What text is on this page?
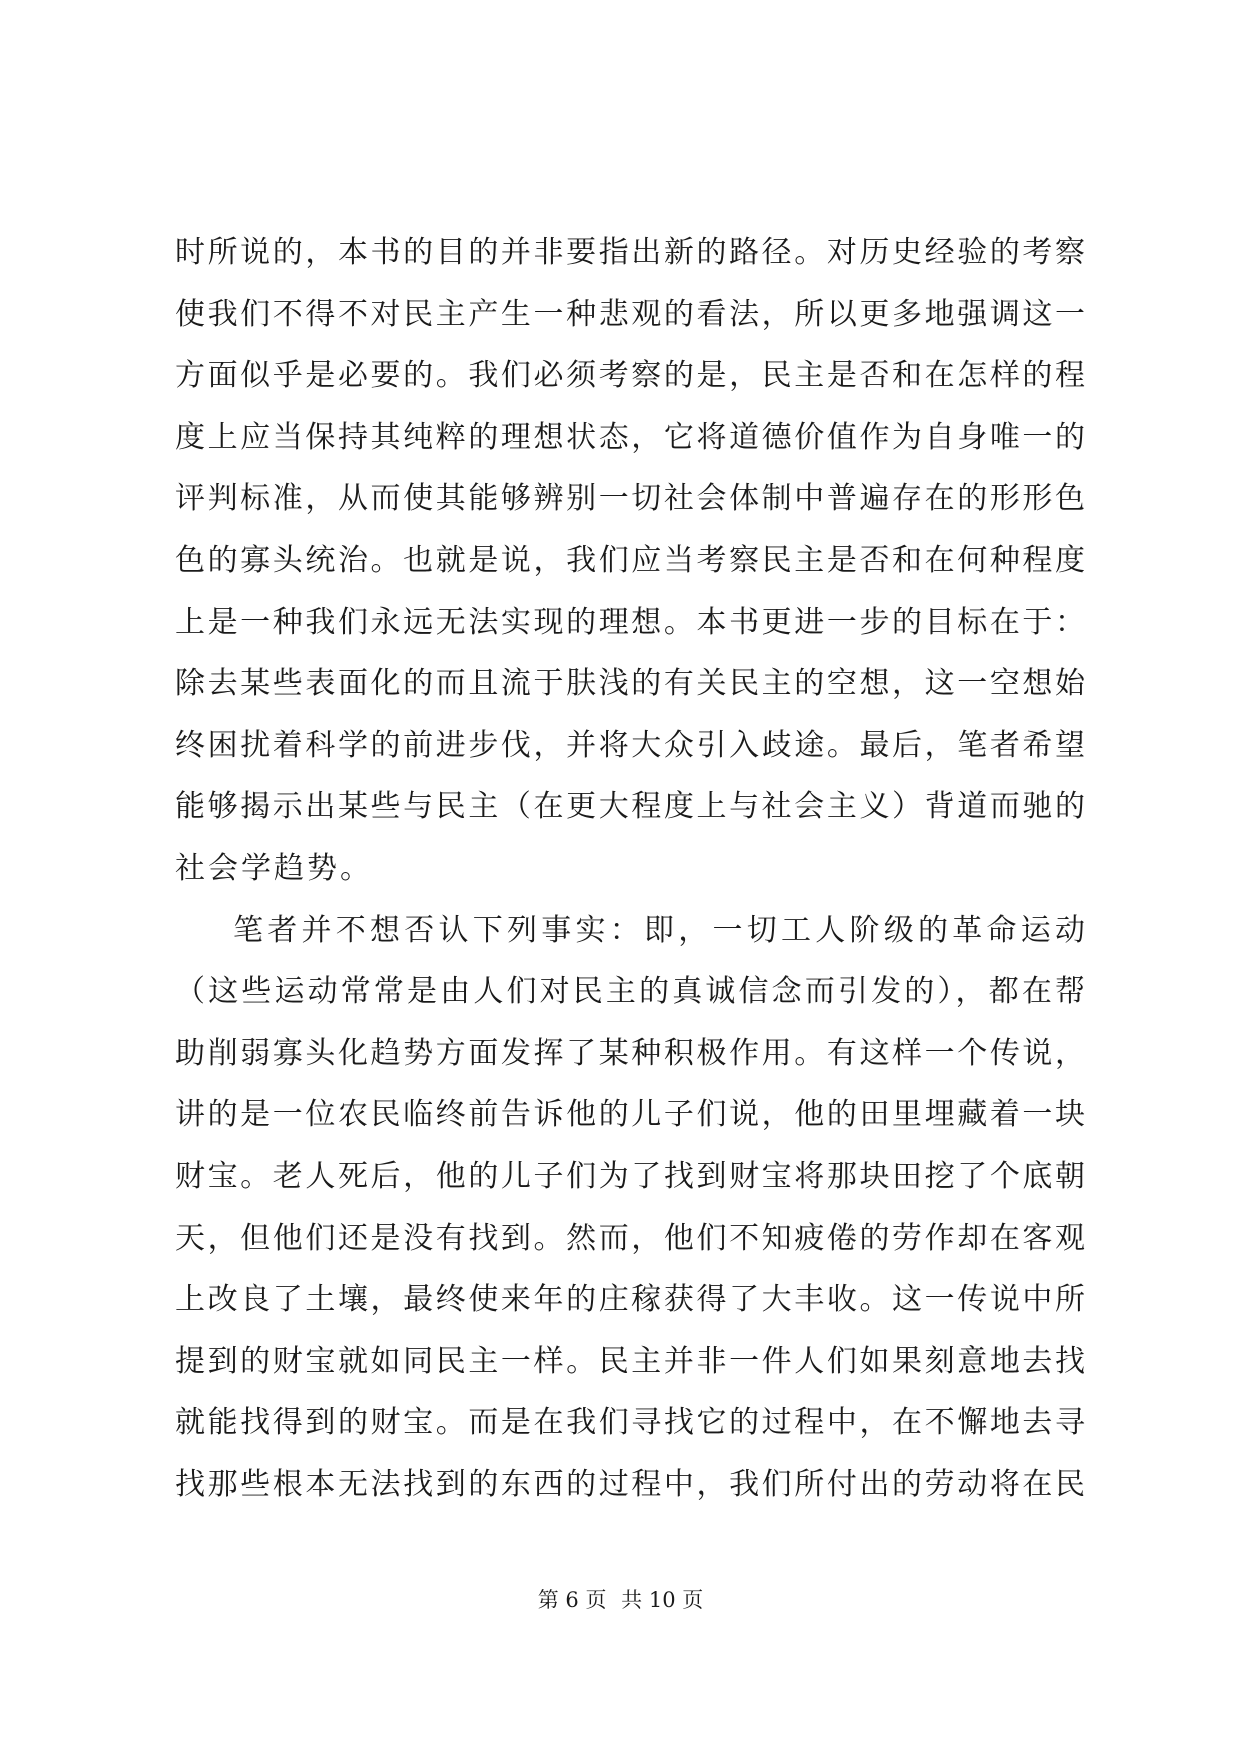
时所说的，本书的目的并非要指出新的路径。对历史经验的考察
使我们不得不对民主产生一种悲观的看法，所以更多地强调这一
方面似乎是必要的。我们必须考察的是，民主是否和在怎样的程
度上应当保持其纯粹的理想状态，它将道德价值作为自身唯一的
评判标准，从而使其能够辨别一切社会体制中普遍存在的形形色
色的寡头统治。也就是说，我们应当考察民主是否和在何种程度
上是一种我们永远无法实现的理想。本书更进一步的目标在于：
除去某些表面化的而且流于肤浅的有关民主的空想，这一空想始
终困扰着科学的前进步伐，并将大众引入歧途。最后，笔者希望
能够揭示出某些与民主（在更大程度上与社会主义）背道而驰的
社会学趋势。
笔者并不想否认下列事实：即，一切工人阶级的革命运动
（这些运动常常是由人们对民主的真诚信念而引发的），都在帮
助削弱寡头化趋势方面发挥了某种积极作用。有这样一个传说，
讲的是一位农民临终前告诉他的儿子们说，他的田里埋藏着一块
财宝。老人死后，他的儿子们为了找到财宝将那块田挖了个底朝
天，但他们还是没有找到。然而，他们不知疲倦的劳作却在客观
上改良了土壤，最终使来年的庄稼获得了大丰收。这一传说中所
提到的财宝就如同民主一样。民主并非一件人们如果刻意地去找
就能找得到的财宝。而是在我们寻找它的过程中，在不懈地去寻
找那些根本无法找到的东西的过程中，我们所付出的劳动将在民
第 6 页 共 10 页
